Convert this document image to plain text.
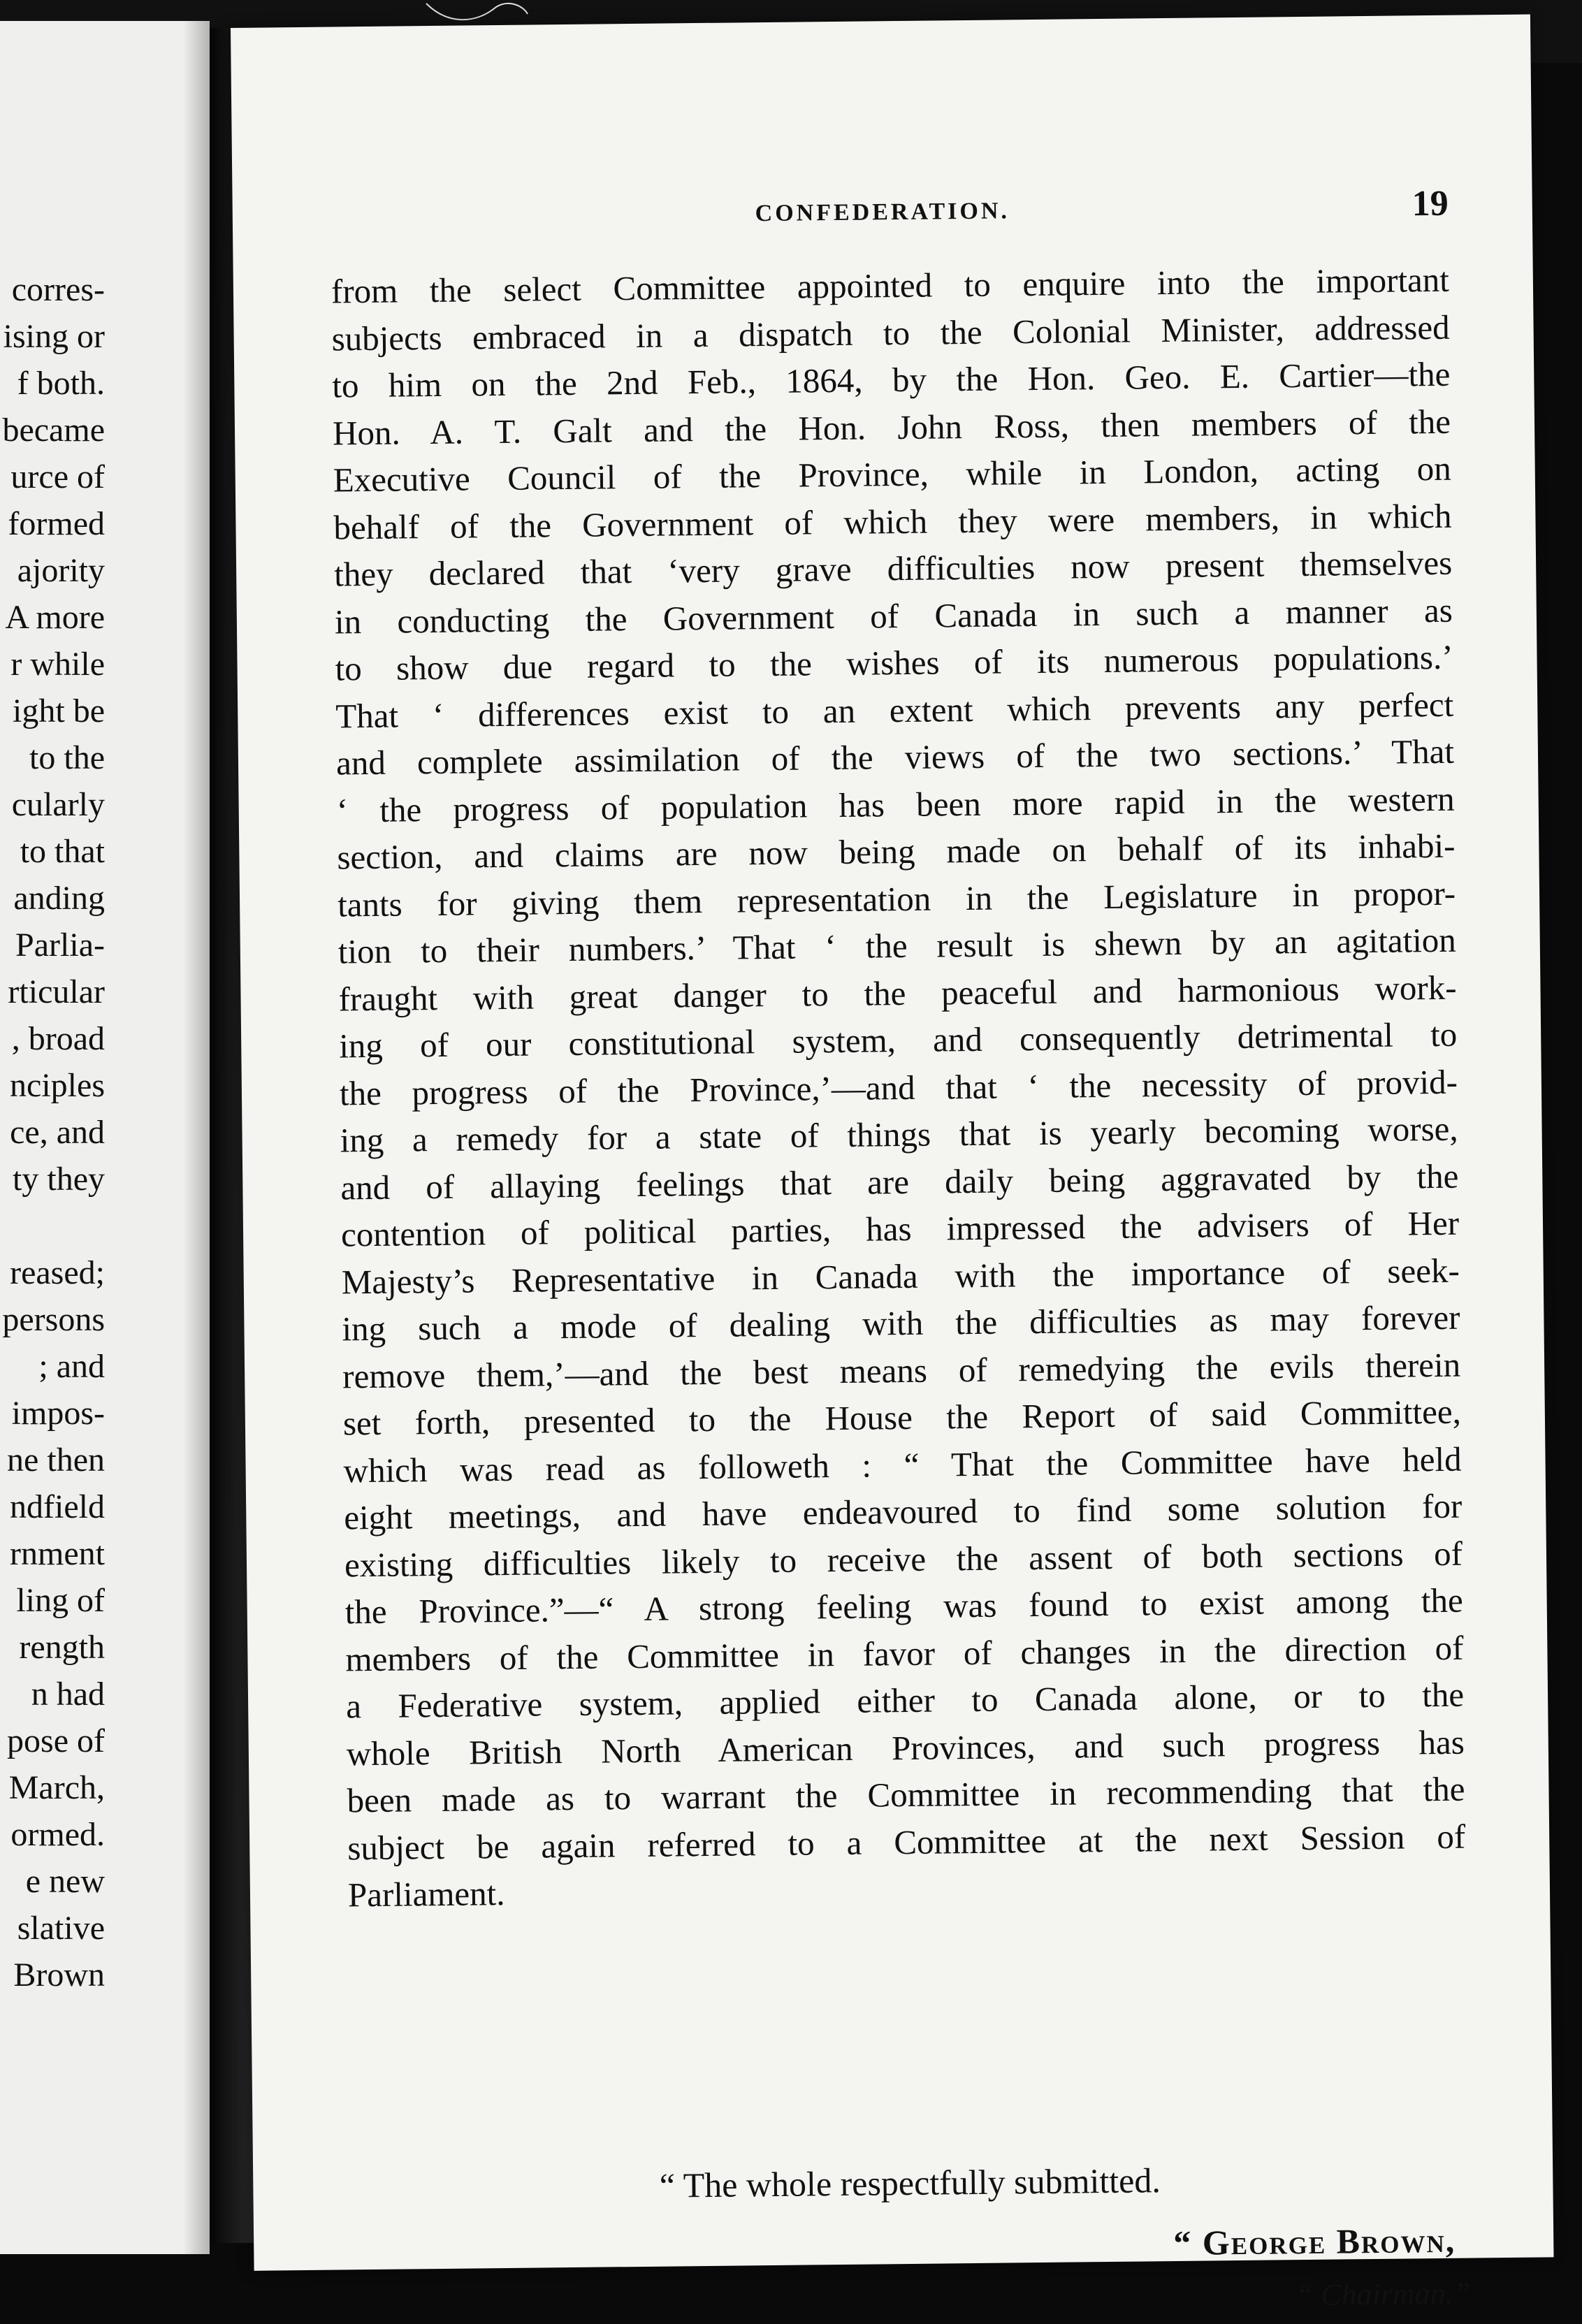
corres-
ising or
f both.
became
urce of
formed
ajority
A more
r while
ight be
to the
cularly
to that
anding
Parlia-
rticular
, broad
nciples
ce, and
ty they
reased;
persons
; and
impos-
ne then
ndfield
rnment
ling of
rength
n had
pose of
March,
ormed.
e new
slative
Brown
CONFEDERATION.	19
from the select Committee appointed to enquire into the important
subjects embraced in a dispatch to the Colonial Minister, addressed
to him on the 2nd Feb., 1864, by the Hon. Geo. E. Cartier—the
Hon. A. T. Galt and the Hon. John Ross, then members of the
Executive Council of the Province, while in London, acting on
behalf of the Government of which they were members, in which
they declared that ‘very grave difficulties now present themselves
in conducting the Government of Canada in such a manner as
to show due regard to the wishes of its numerous populations.’
That ‘ differences exist to an extent which prevents any perfect
and complete assimilation of the views of the two sections.’ That
‘ the progress of population has been more rapid in the western
section, and claims are now being made on behalf of its inhabi-
tants for giving them representation in the Legislature in propor-
tion to their numbers.’ That ‘ the result is shewn by an agitation
fraught with great danger to the peaceful and harmonious work-
ing of our constitutional system, and consequently detrimental to
the progress of the Province,’—and that ‘ the necessity of provid-
ing a remedy for a state of things that is yearly becoming worse,
and of allaying feelings that are daily being aggravated by the
contention of political parties, has impressed the advisers of Her
Majesty’s Representative in Canada with the importance of seek-
ing such a mode of dealing with the difficulties as may forever
remove them,’—and the best means of remedying the evils therein
set forth, presented to the House the Report of said Committee,
which was read as followeth : “ That the Committee have held
eight meetings, and have endeavoured to find some solution for
existing difficulties likely to receive the assent of both sections of
the Province.”—“ A strong feeling was found to exist among the
members of the Committee in favor of changes in the direction of
a Federative system, applied either to Canada alone, or to the
whole British North American Provinces, and such progress has
been made as to warrant the Committee in recommending that the
subject be again referred to a Committee at the next Session of
Parliament.
“ The whole respectfully submitted.
“ George Brown,
“ Chairman.”
